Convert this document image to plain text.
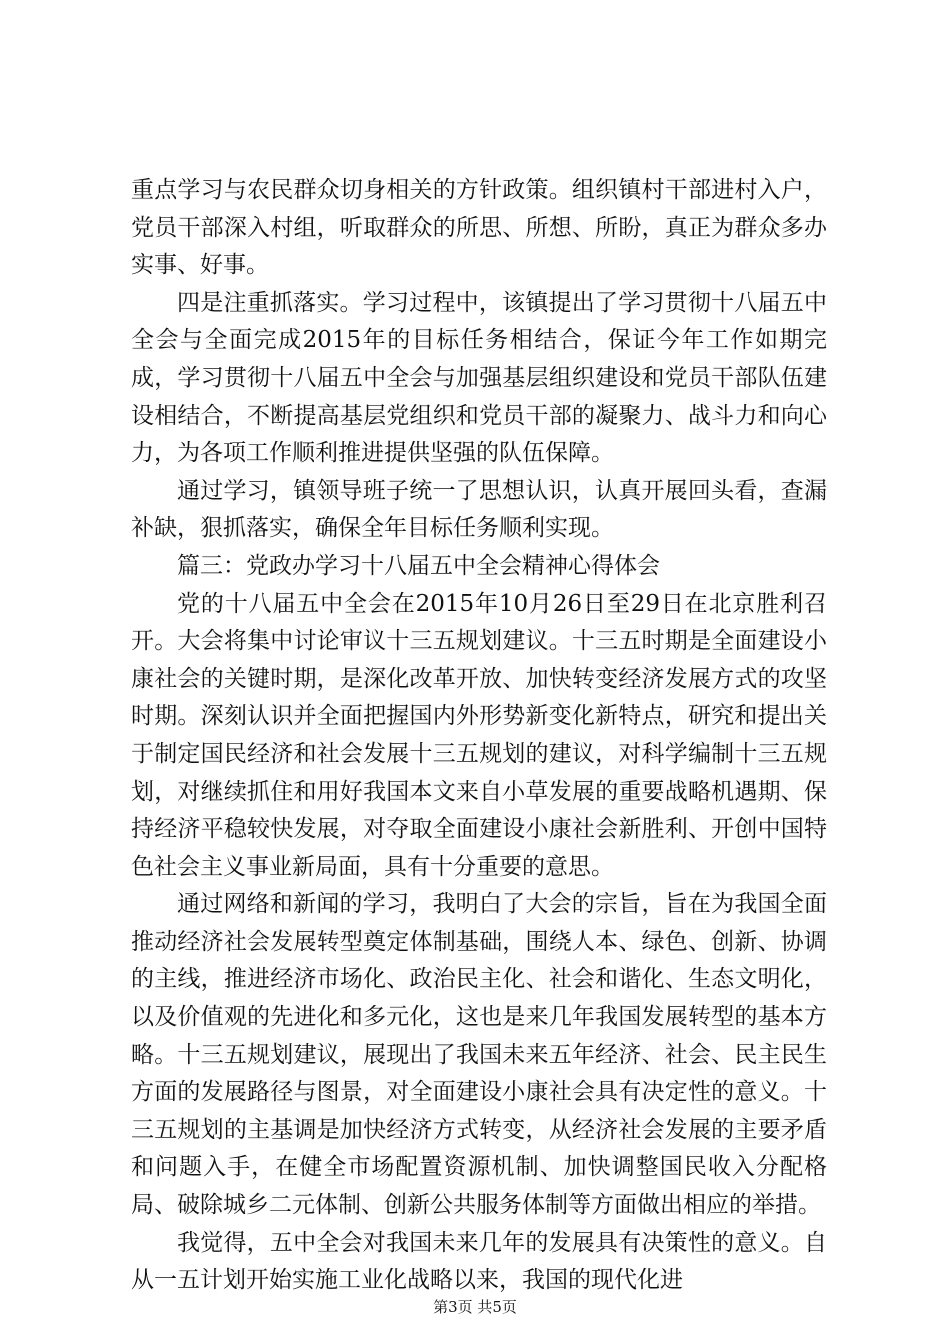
重点学习与农民群众切身相关的方针政策。组织镇村干部进村入户，党员干部深入村组，听取群众的所思、所想、所盼，真正为群众多办实事、好事。

四是注重抓落实。学习过程中，该镇提出了学习贯彻十八届五中全会与全面完成2015年的目标任务相结合，保证今年工作如期完成，学习贯彻十八届五中全会与加强基层组织建设和党员干部队伍建设相结合，不断提高基层党组织和党员干部的凝聚力、战斗力和向心力，为各项工作顺利推进提供坚强的队伍保障。

通过学习，镇领导班子统一了思想认识，认真开展回头看，查漏补缺，狠抓落实，确保全年目标任务顺利实现。

篇三：党政办学习十八届五中全会精神心得体会

党的十八届五中全会在2015年10月26日至29日在北京胜利召开。大会将集中讨论审议十三五规划建议。十三五时期是全面建设小康社会的关键时期，是深化改革开放、加快转变经济发展方式的攻坚时期。深刻认识并全面把握国内外形势新变化新特点，研究和提出关于制定国民经济和社会发展十三五规划的建议，对科学编制十三五规划，对继续抓住和用好我国本文来自小草发展的重要战略机遇期、保持经济平稳较快发展，对夺取全面建设小康社会新胜利、开创中国特色社会主义事业新局面，具有十分重要的意思。

通过网络和新闻的学习，我明白了大会的宗旨，旨在为我国全面推动经济社会发展转型奠定体制基础，围绕人本、绿色、创新、协调的主线，推进经济市场化、政治民主化、社会和谐化、生态文明化，以及价值观的先进化和多元化，这也是来几年我国发展转型的基本方略。十三五规划建议，展现出了我国未来五年经济、社会、民主民生方面的发展路径与图景，对全面建设小康社会具有决定性的意义。十三五规划的主基调是加快经济方式转变，从经济社会发展的主要矛盾和问题入手，在健全市场配置资源机制、加快调整国民收入分配格局、破除城乡二元体制、创新公共服务体制等方面做出相应的举措。

我觉得，五中全会对我国未来几年的发展具有决策性的意义。自从一五计划开始实施工业化战略以来，我国的现代化进

第3页 共5页
